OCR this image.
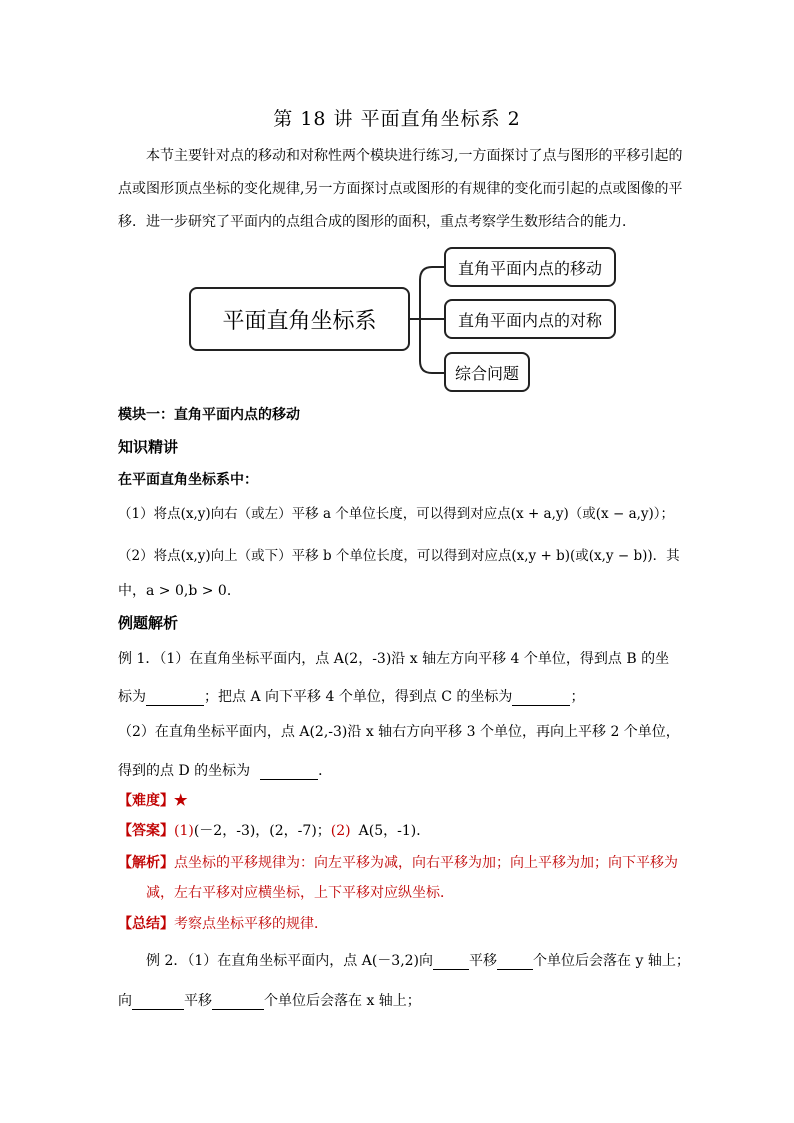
第 18 讲 平面直角坐标系 2
本节主要针对点的移动和对称性两个模块进行练习,一方面探讨了点与图形的平移引起的点或图形顶点坐标的变化规律,另一方面探讨点或图形的有规律的变化而引起的点或图像的平移．进一步研究了平面内的点组合成的图形的面积，重点考察学生数形结合的能力．
平面直角坐标系
直角平面内点的移动
直角平面内点的对称
综合问题
模块一：直角平面内点的移动
知识精讲
在平面直角坐标系中：
（1）将点(x,y)向右（或左）平移 a 个单位长度，可以得到对应点(x + a,y)（或(x − a,y)）；
（2）将点(x,y)向上（或下）平移 b 个单位长度，可以得到对应点(x,y + b)(或(x,y − b))．其
中，a > 0,b > 0．
例题解析
例 1．（1）在直角坐标平面内，点 A(2，-3)沿 x 轴左方向平移 4 个单位，得到点 B 的坐
标为	；把点 A 向下平移 4 个单位，得到点 C 的坐标为	；
（2）在直角坐标平面内，点 A(2,-3)沿 x 轴右方向平移 3 个单位，再向上平移 2 个单位，
得到的点 D 的坐标为	．
【难度】★
【答案】(1)(－2，-3)，(2，-7)；(2) A(5，-1)．
【解析】点坐标的平移规律为：向左平移为减，向右平移为加；向上平移为加；向下平移为
减，左右平移对应横坐标，上下平移对应纵坐标．
【总结】考察点坐标平移的规律．
例 2．（1）在直角坐标平面内，点 A(－3,2)向	平移	个单位后会落在 y 轴上；
向	平移	个单位后会落在 x 轴上；
